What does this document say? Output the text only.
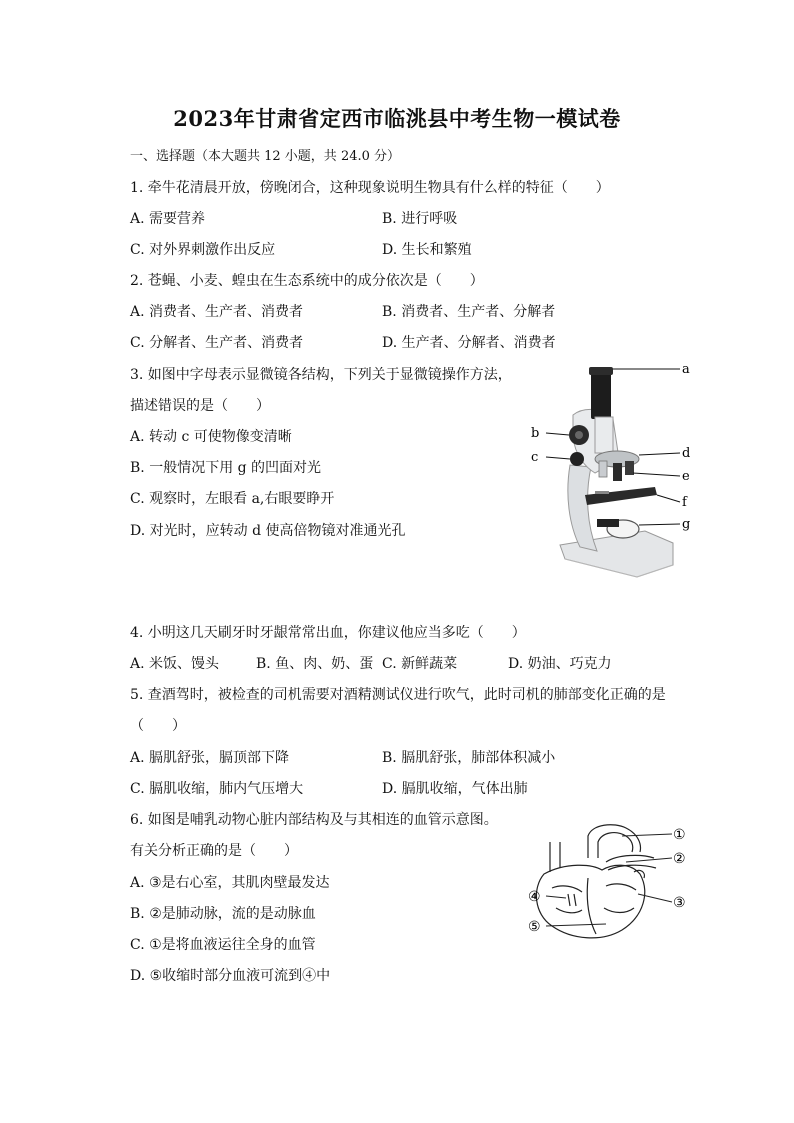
2023年甘肃省定西市临洮县中考生物一模试卷
一、选择题（本大题共 12 小题，共 24.0 分）
1. 牵牛花清晨开放，傍晚闭合，这种现象说明生物具有什么样的特征（　　）
A. 需要营养	B. 进行呼吸
C. 对外界刺激作出反应	D. 生长和繁殖
2. 苍蝇、小麦、蝗虫在生态系统中的成分依次是（　　）
A. 消费者、生产者、消费者	B. 消费者、生产者、分解者
C. 分解者、生产者、消费者	D. 生产者、分解者、消费者
3. 如图中字母表示显微镜各结构，下列关于显微镜操作方法，
描述错误的是（　　）
A. 转动 c 可使物像变清晰
B. 一般情况下用 g 的凹面对光
C. 观察时，左眼看 a,右眼要睁开
D. 对光时，应转动 d 使高倍物镜对准通光孔
a
b
c	d
e
f
g
4. 小明这几天刷牙时牙龈常常出血，你建议他应当多吃（　　）
A. 米饭、馒头	B. 鱼、肉、奶、蛋 C. 新鲜蔬菜	D. 奶油、巧克力
5. 查酒驾时，被检查的司机需要对酒精测试仪进行吹气，此时司机的肺部变化正确的是
（　　）
A. 膈肌舒张，膈顶部下降	B. 膈肌舒张，肺部体积减小
C. 膈肌收缩，肺内气压增大	D. 膈肌收缩，气体出肺
6. 如图是哺乳动物心脏内部结构及与其相连的血管示意图。
有关分析正确的是（　　）
A. ③是右心室，其肌肉壁最发达
B. ②是肺动脉，流的是动脉血
C. ①是将血液运往全身的血管
D. ⑤收缩时部分血液可流到④中
①
②
③
④
⑤
